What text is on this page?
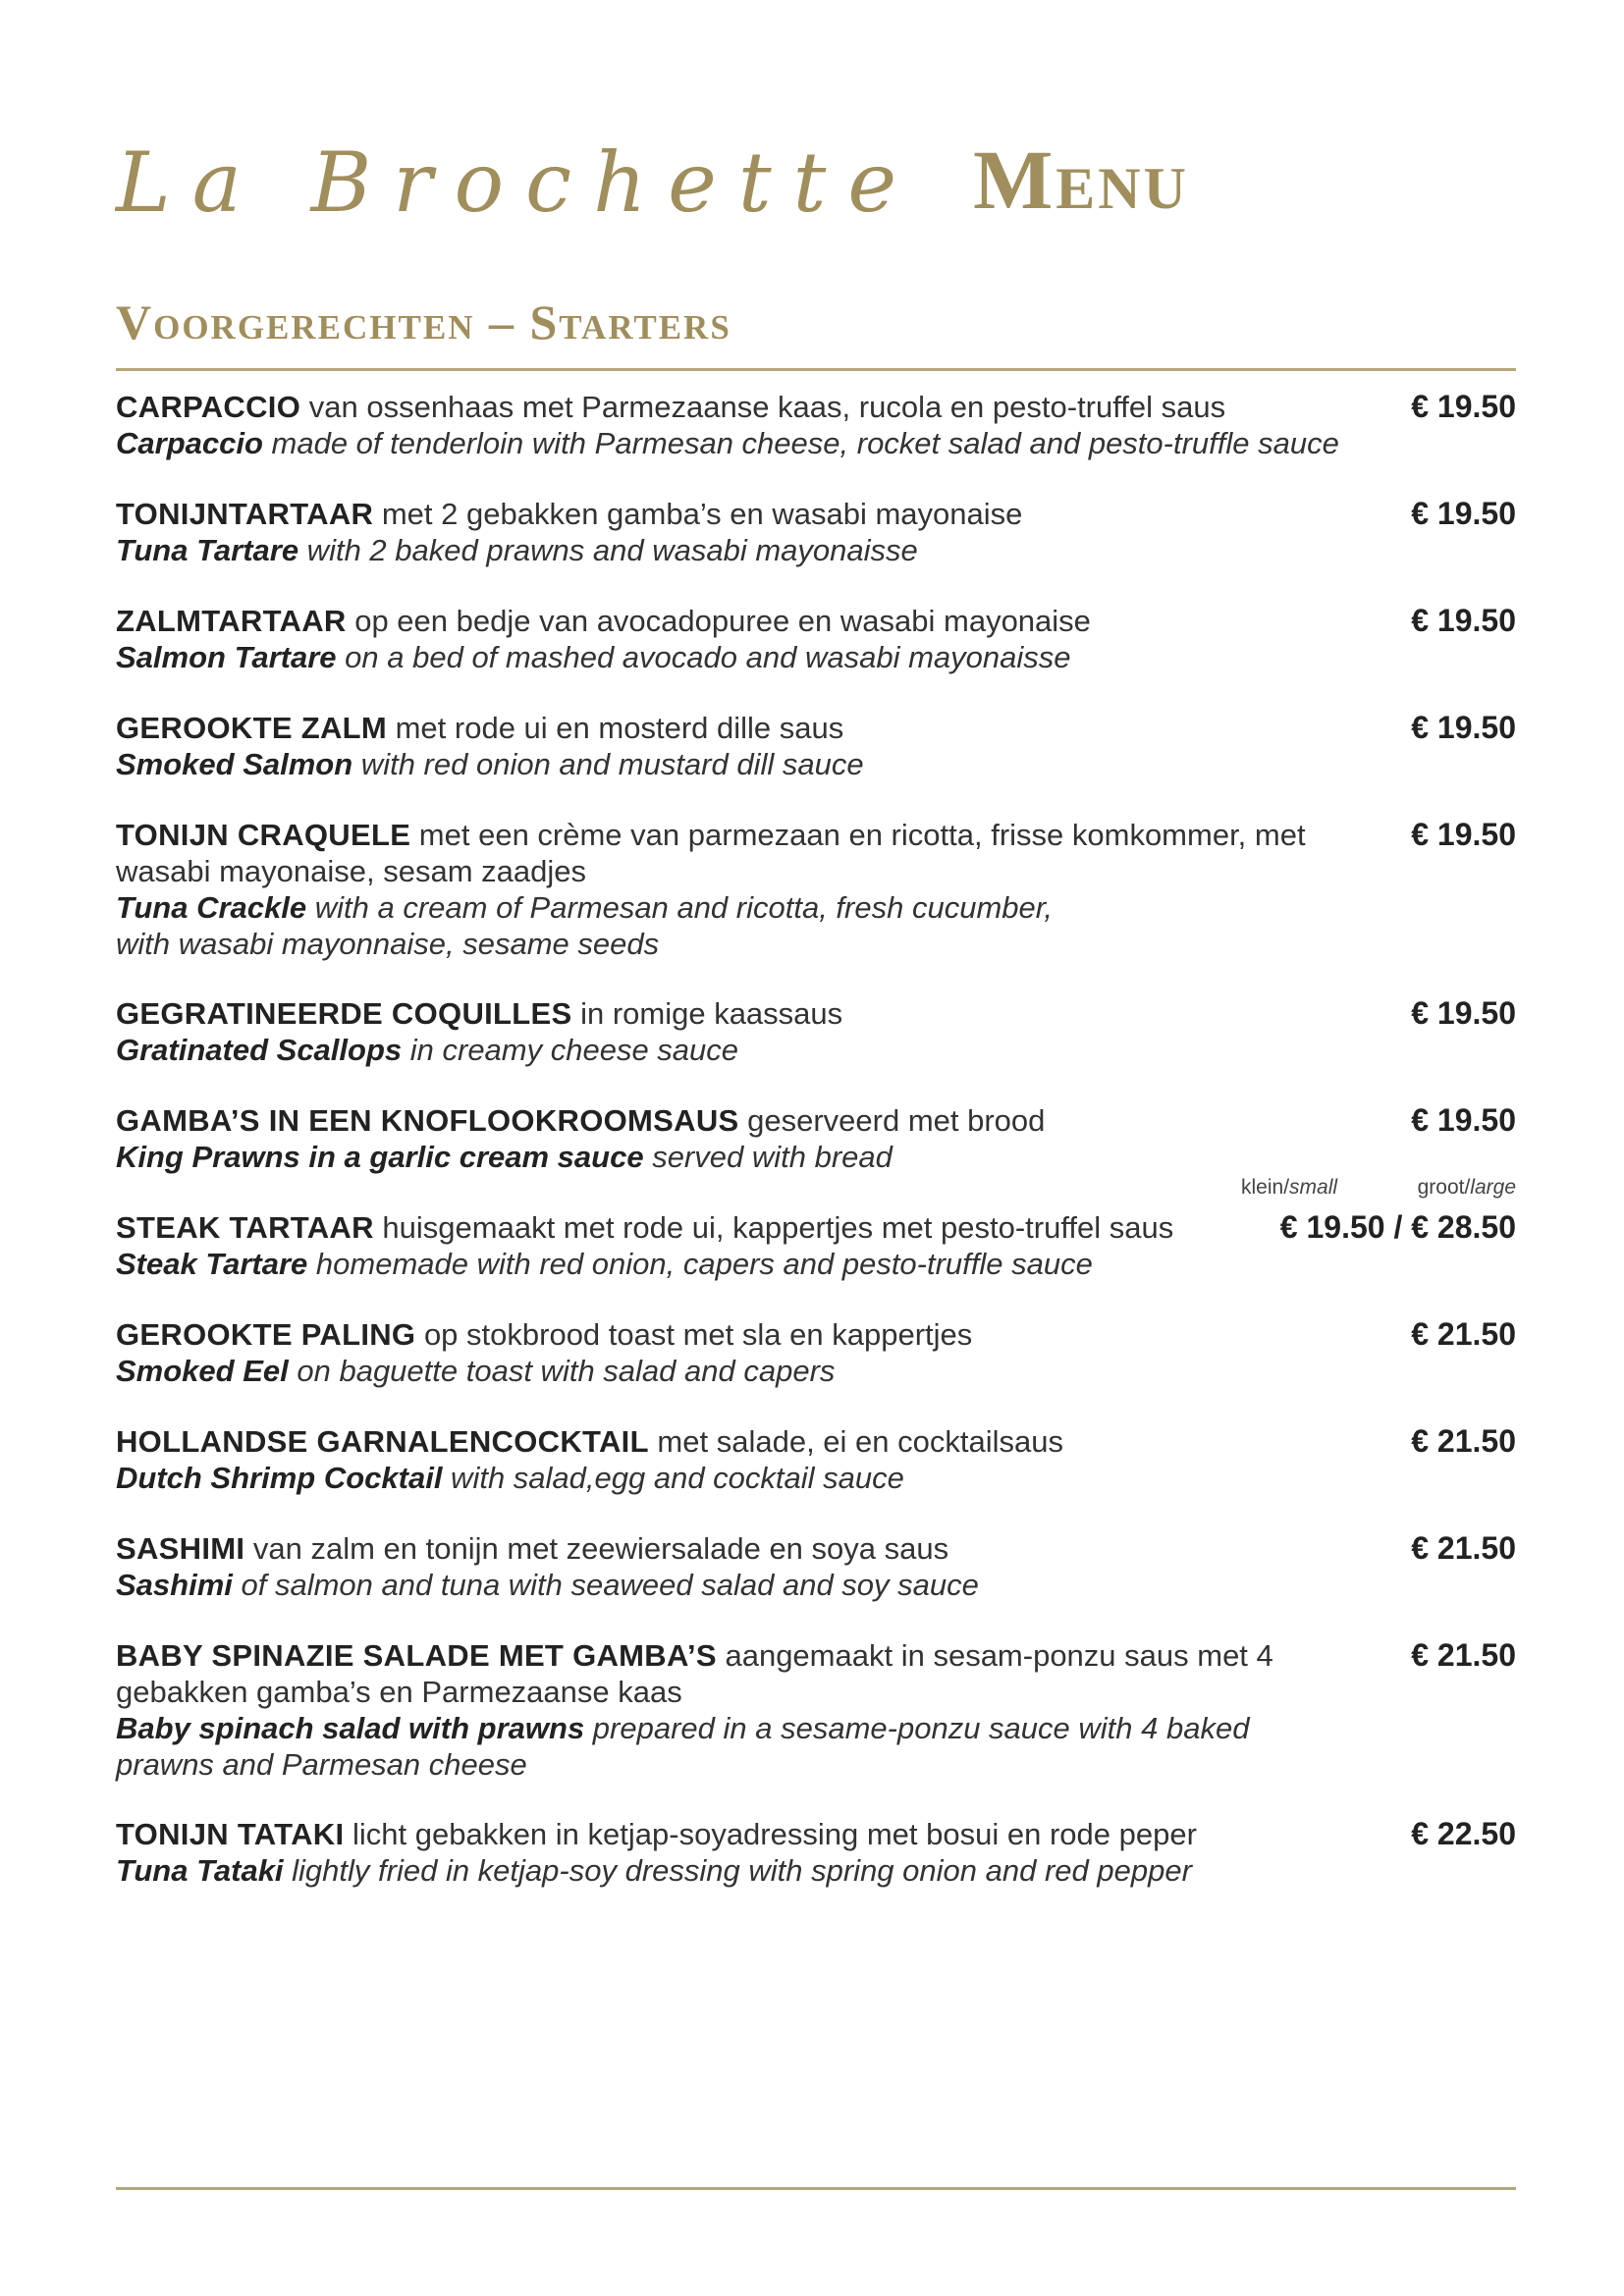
La Brochette Menu
Voorgerechten – Starters
CARPACCIO van ossenhaas met Parmezaanse kaas, rucola en pesto-truffel saus
Carpaccio made of tenderloin with Parmesan cheese, rocket salad and pesto-truffle sauce
€ 19.50
TONIJNTARTAAR met 2 gebakken gamba’s en wasabi mayonaise
Tuna Tartare with 2 baked prawns and wasabi mayonaisse
€ 19.50
ZALMTARTAAR op een bedje van avocadopuree en wasabi mayonaise
Salmon Tartare on a bed of mashed avocado and wasabi mayonaisse
€ 19.50
GEROOKTE ZALM met rode ui en mosterd dille saus
Smoked Salmon with red onion and mustard dill sauce
€ 19.50
TONIJN CRAQUELE met een crème van parmezaan en ricotta, frisse komkommer, met wasabi mayonaise, sesam zaadjes
Tuna Crackle with a cream of Parmesan and ricotta, fresh cucumber, with wasabi mayonnaise, sesame seeds
€ 19.50
GEGRATINEERDE COQUILLES in romige kaassaus
Gratinated Scallops in creamy cheese sauce
€ 19.50
GAMBA’S IN EEN KNOFLOOKROOMSAUS geserveerd met brood
King Prawns in a garlic cream sauce served with bread
€ 19.50
klein/small	groot/large
STEAK TARTAAR huisgemaakt met rode ui, kappertjes met pesto-truffel saus
Steak Tartare homemade with red onion, capers and pesto-truffle sauce
€ 19.50 / € 28.50
GEROOKTE PALING op stokbrood toast met sla en kappertjes
Smoked Eel on baguette toast with salad and capers
€ 21.50
HOLLANDSE GARNALENCOCKTAIL met salade, ei en cocktailsaus
Dutch Shrimp Cocktail with salad,egg and cocktail sauce
€ 21.50
SASHIMI van zalm en tonijn met zeewiersalade en soya saus
Sashimi of salmon and tuna with seaweed salad and soy sauce
€ 21.50
BABY SPINAZIE SALADE MET GAMBA’S aangemaakt in sesam-ponzu saus met 4 gebakken gamba’s en Parmezaanse kaas
Baby spinach salad with prawns prepared in a sesame-ponzu sauce with 4 baked prawns and Parmesan cheese
€ 21.50
TONIJN TATAKI licht gebakken in ketjap-soyadressing met bosui en rode peper
Tuna Tataki lightly fried in ketjap-soy dressing with spring onion and red pepper
€ 22.50
